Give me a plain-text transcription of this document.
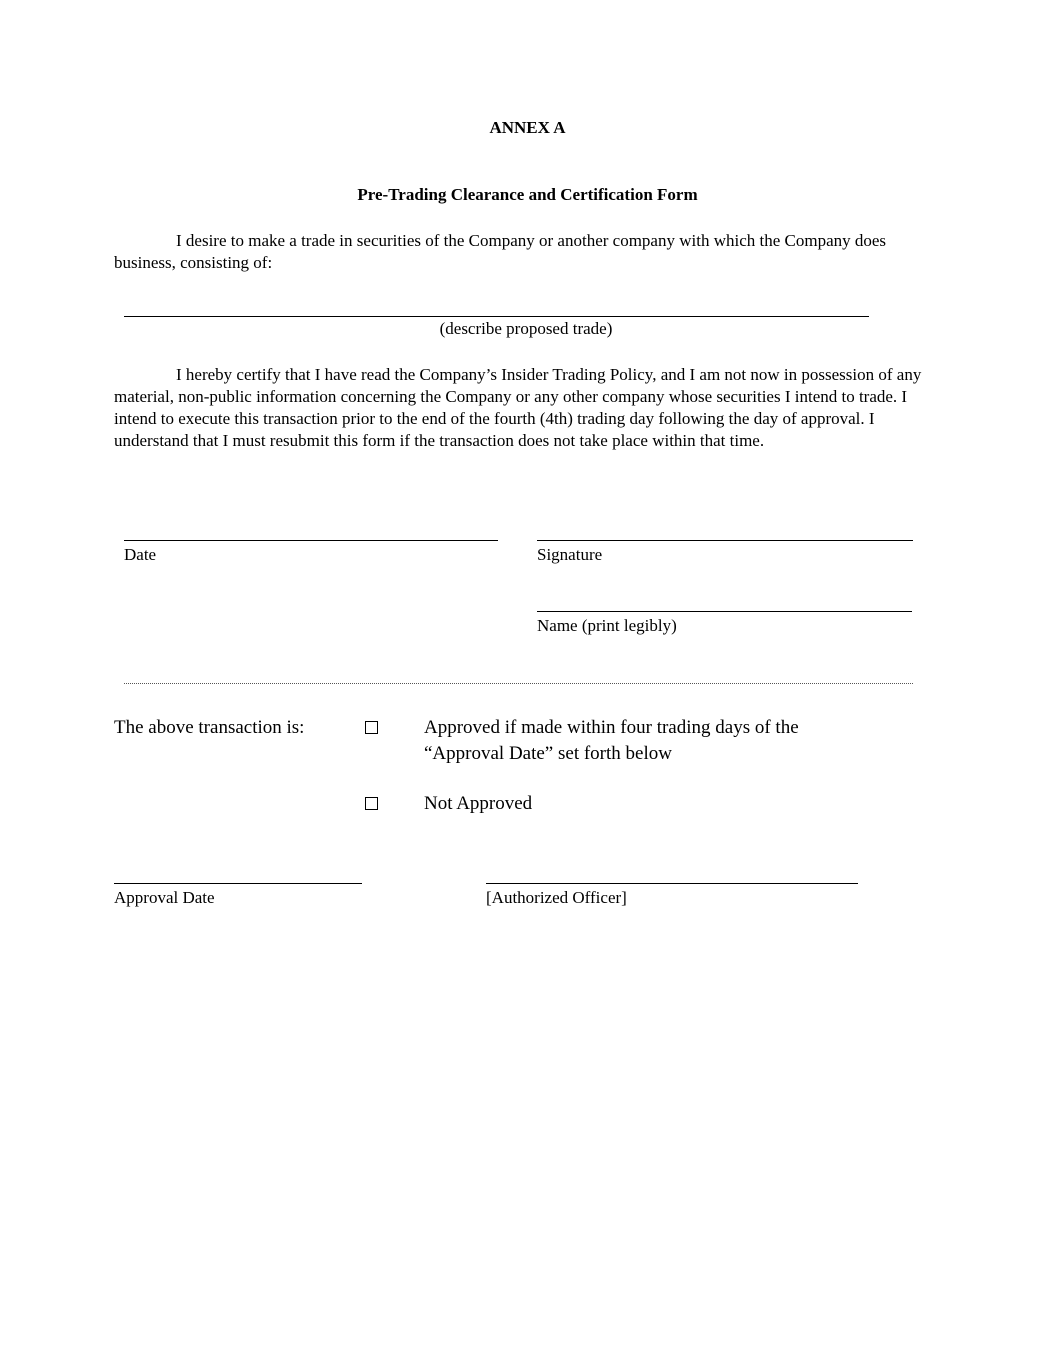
ANNEX A
Pre-Trading Clearance and Certification Form
I desire to make a trade in securities of the Company or another company with which the Company does business, consisting of:
(describe proposed trade)
I hereby certify that I have read the Company’s Insider Trading Policy, and I am not now in possession of any material, non-public information concerning the Company or any other company whose securities I intend to trade. I intend to execute this transaction prior to the end of the fourth (4th) trading day following the day of approval. I understand that I must resubmit this form if the transaction does not take place within that time.
Date	Signature
Name (print legibly)
The above transaction is:	Approved if made within four trading days of the
“Approval Date” set forth below
Not Approved
Approval Date	[Authorized Officer]
